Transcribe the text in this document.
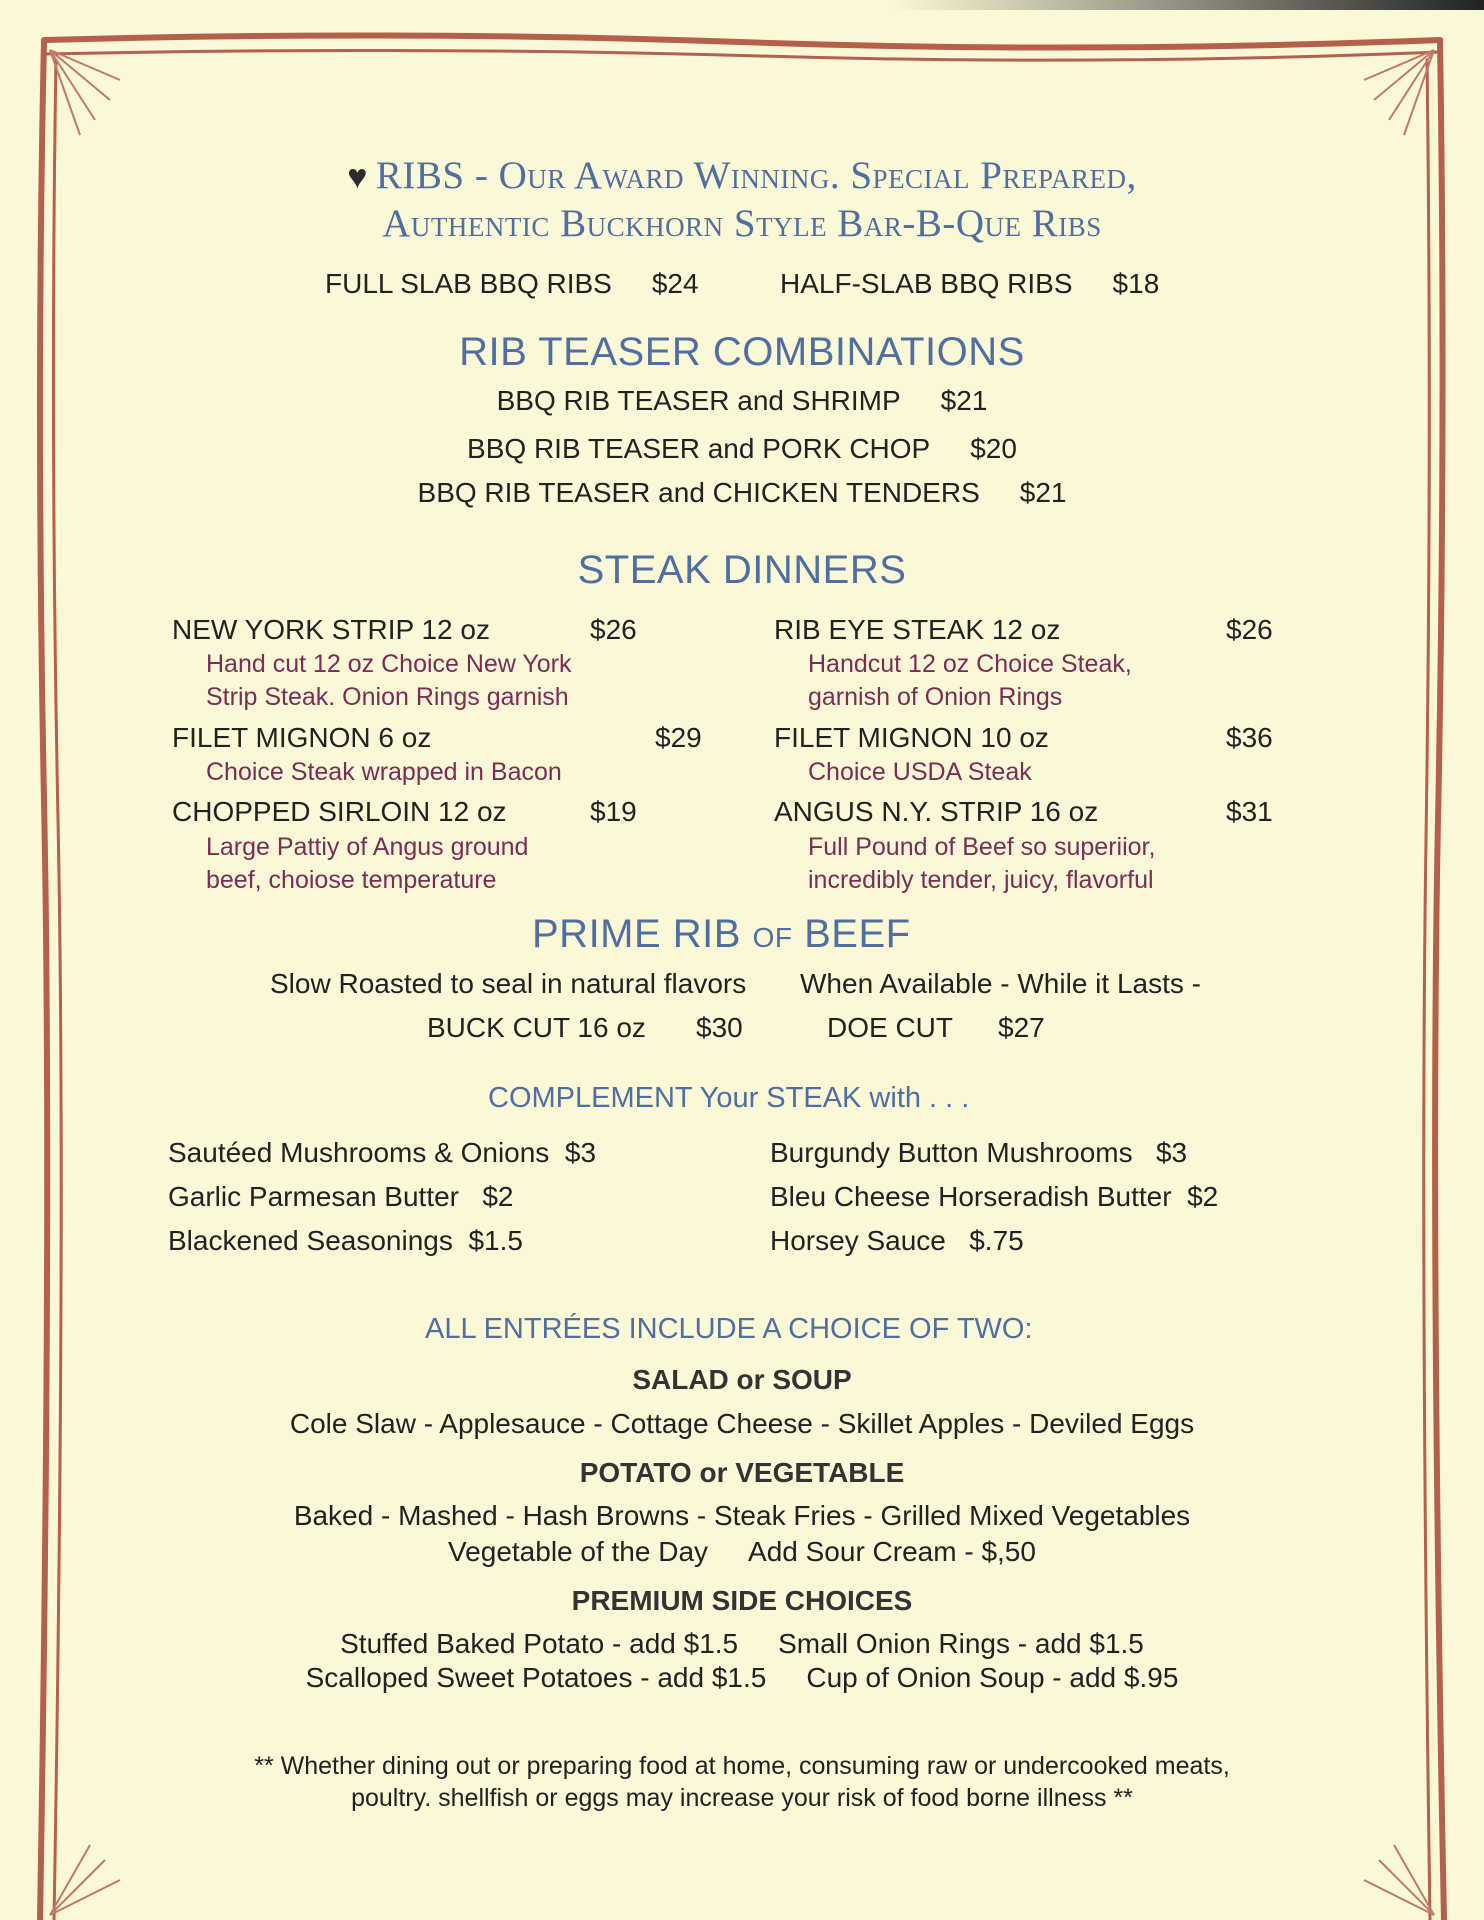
♥ RIBS - Our Award Winning. Special Prepared,
Authentic Buckhorn Style Bar-B-Que Ribs
FULL SLAB BBQ RIBS $24	HALF-SLAB BBQ RIBS $18
RIB TEASER COMBINATIONS
BBQ RIB TEASER and SHRIMP $21
BBQ RIB TEASER and PORK CHOP $20
BBQ RIB TEASER and CHICKEN TENDERS $21
STEAK DINNERS
NEW YORK STRIP 12 oz	$26
Hand cut 12 oz Choice New York
Strip Steak. Onion Rings garnish
FILET MIGNON 6 oz	$29
Choice Steak wrapped in Bacon
CHOPPED SIRLOIN 12 oz	$19
Large Pattiy of Angus ground
beef, choiose temperature
RIB EYE STEAK 12 oz	$26
Handcut 12 oz Choice Steak,
garnish of Onion Rings
FILET MIGNON 10 oz	$36
Choice USDA Steak
ANGUS N.Y. STRIP 16 oz	$31
Full Pound of Beef so superiior,
incredibly tender, juicy, flavorful
PRIME RIB of BEEF
Slow Roasted to seal in natural flavors When Available - While it Lasts -
BUCK CUT 16 oz $30	DOE CUT $27
COMPLEMENT Your STEAK with . . .
Sautéed Mushrooms & Onions $3
Garlic Parmesan Butter $2
Blackened Seasonings $1.5
Burgundy Button Mushrooms $3
Bleu Cheese Horseradish Butter $2
Horsey Sauce $.75
ALL ENTRÉES INCLUDE A CHOICE OF TWO:
SALAD or SOUP
Cole Slaw - Applesauce - Cottage Cheese - Skillet Apples - Deviled Eggs
POTATO or VEGETABLE
Baked - Mashed - Hash Browns - Steak Fries - Grilled Mixed Vegetables
Vegetable of the Day Add Sour Cream - $,50
PREMIUM SIDE CHOICES
Stuffed Baked Potato - add $1.5 Small Onion Rings - add $1.5
Scalloped Sweet Potatoes - add $1.5 Cup of Onion Soup - add $.95
** Whether dining out or preparing food at home, consuming raw or undercooked meats,
poultry. shellfish or eggs may increase your risk of food borne illness **
